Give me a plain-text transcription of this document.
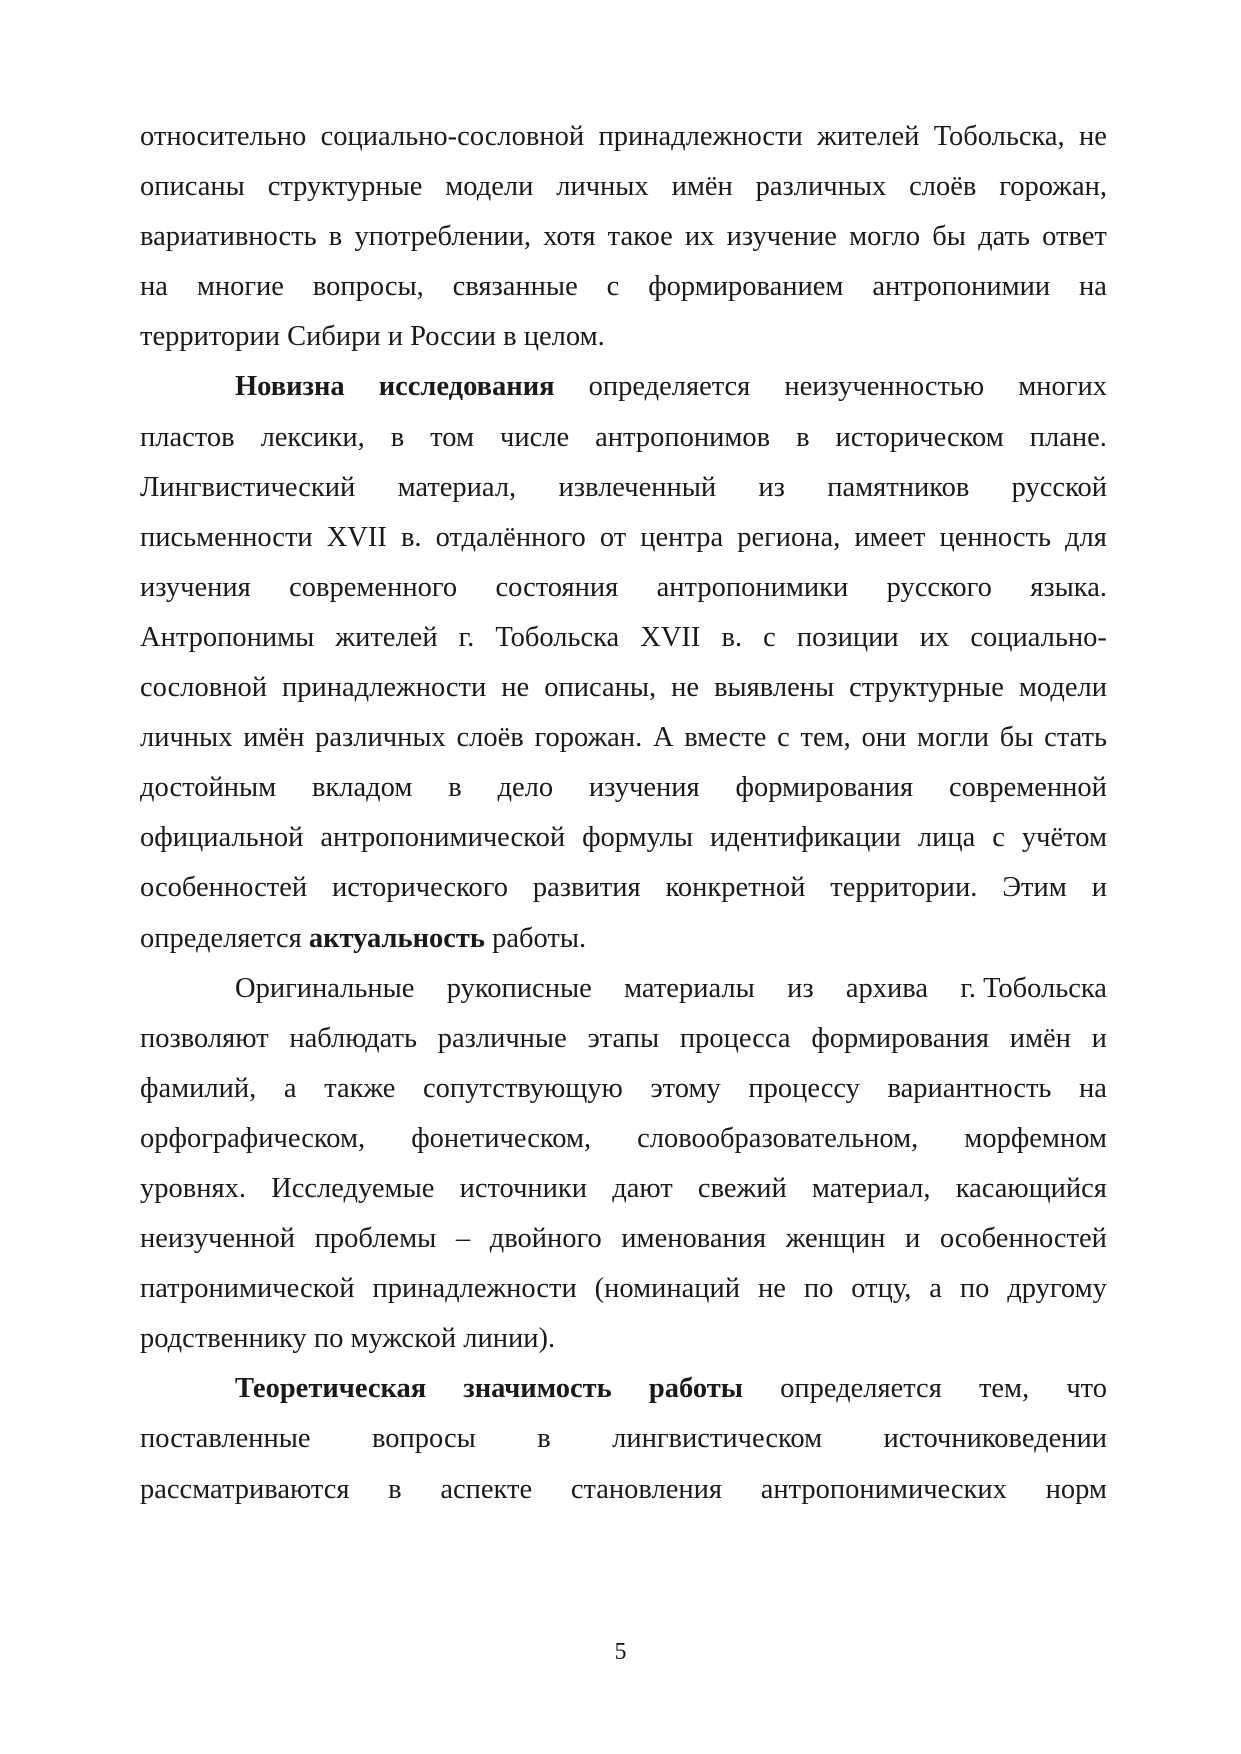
относительно социально-сословной принадлежности жителей Тобольска, не
описаны структурные модели личных имён различных слоёв горожан,
вариативность в употреблении, хотя такое их изучение могло бы дать ответ
на многие вопросы, связанные с формированием антропонимии на
территории Сибири и России в целом.
Новизна исследования определяется неизученностью многих
пластов лексики, в том числе антропонимов в историческом плане.
Лингвистический материал, извлеченный из памятников русской
письменности XVII в. отдалённого от центра региона, имеет ценность для
изучения современного состояния антропонимики русского языка.
Антропонимы жителей г. Тобольска XVII в. с позиции их социально-
сословной принадлежности не описаны, не выявлены структурные модели
личных имён различных слоёв горожан. А вместе с тем, они могли бы стать
достойным вкладом в дело изучения формирования современной
официальной антропонимической формулы идентификации лица с учётом
особенностей исторического развития конкретной территории. Этим и
определяется актуальность работы.
Оригинальные рукописные материалы из архива г. Тобольска
позволяют наблюдать различные этапы процесса формирования имён и
фамилий, а также сопутствующую этому процессу вариантность на
орфографическом, фонетическом, словообразовательном, морфемном
уровнях. Исследуемые источники дают свежий материал, касающийся
неизученной проблемы – двойного именования женщин и особенностей
патронимической принадлежности (номинаций не по отцу, а по другому
родственнику по мужской линии).
Теоретическая значимость работы определяется тем, что
поставленные вопросы в лингвистическом источниковедении
рассматриваются в аспекте становления антропонимических норм
5
